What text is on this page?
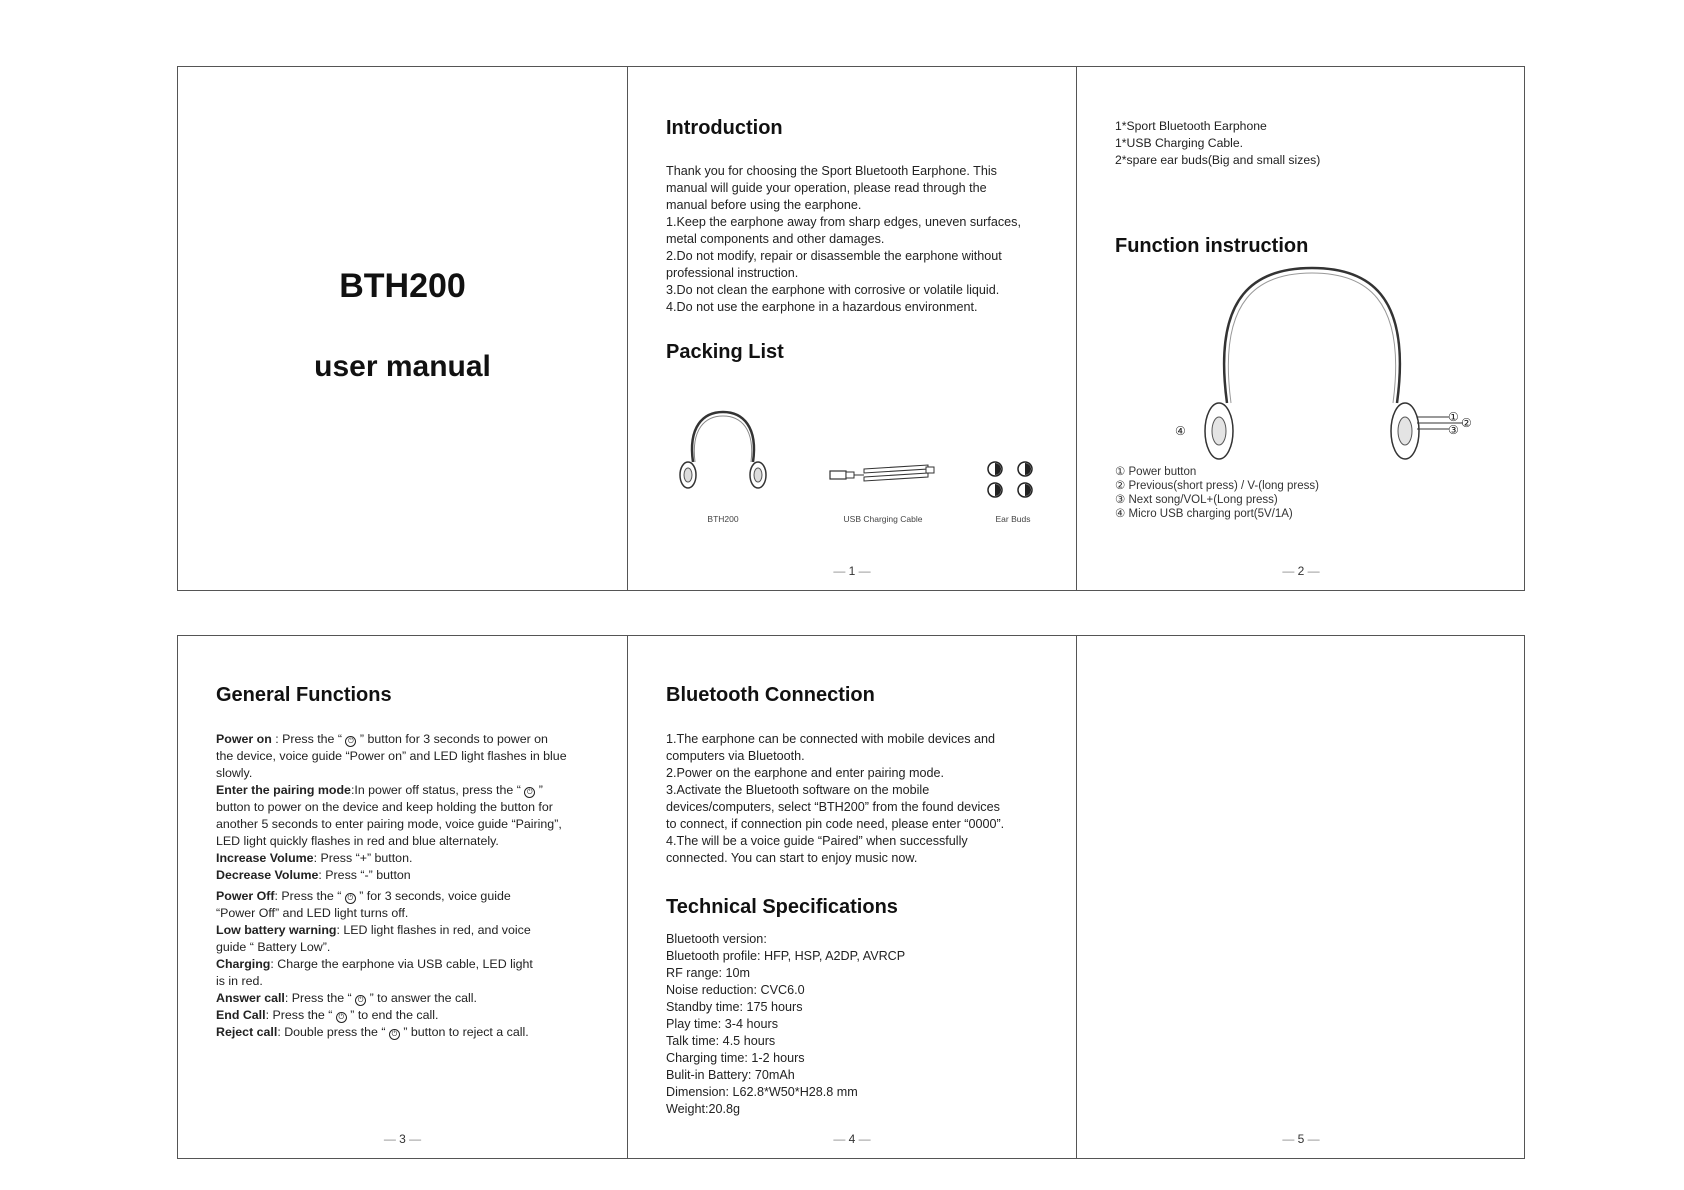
BTH200
user manual
Introduction
Thank you for choosing the Sport Bluetooth Earphone. This
manual will guide your operation, please read through the
manual before using the earphone.
1.Keep the earphone away from sharp edges, uneven surfaces,
metal components and other damages.
2.Do not modify, repair or disassemble the earphone without
professional instruction.
3.Do not clean the earphone with corrosive or volatile liquid.
4.Do not use the earphone in a hazardous environment.
Packing List
BTH200	USB Charging Cable	Ear Buds
— 1 —
1*Sport Bluetooth Earphone
1*USB Charging Cable.
2*spare ear buds(Big and small sizes)
Function instruction
① ②
③
④
① Power button
② Previous(short press) / V-(long press)
③ Next song/VOL+(Long press)
④ Micro USB charging port(5V/1A)
— 2 —
General Functions
Power on : Press the “ ⏻ ” button for 3 seconds to power on
the device, voice guide “Power on” and LED light flashes in blue
slowly.
Enter the pairing mode:In power off status, press the “ ⏻ ”
button to power on the device and keep holding the button for
another 5 seconds to enter pairing mode, voice guide “Pairing”,
LED light quickly flashes in red and blue alternately.
Increase Volume: Press “+” button.
Decrease Volume: Press “-” button
Power Off: Press the “ ⏻ ” for 3 seconds, voice guide
“Power Off” and LED light turns off.
Low battery warning: LED light flashes in red, and voice
guide “ Battery Low”.
Charging: Charge the earphone via USB cable, LED light
is in red.
Answer call: Press the “ ⏻ ” to answer the call.
End Call: Press the “ ⏻ ” to end the call.
Reject call: Double press the “ ⏻ ” button to reject a call.
— 3 —
Bluetooth Connection
1.The earphone can be connected with mobile devices and
computers via Bluetooth.
2.Power on the earphone and enter pairing mode.
3.Activate the Bluetooth software on the mobile
devices/computers, select “BTH200” from the found devices
to connect, if connection pin code need, please enter “0000”.
4.The will be a voice guide “Paired” when successfully
connected. You can start to enjoy music now.
Technical Specifications
Bluetooth version:
Bluetooth profile: HFP, HSP, A2DP, AVRCP
RF range: 10m
Noise reduction: CVC6.0
Standby time: 175 hours
Play time: 3-4 hours
Talk time: 4.5 hours
Charging time: 1-2 hours
Bulit-in Battery: 70mAh
Dimension: L62.8*W50*H28.8 mm
Weight:20.8g
— 4 —
—	5 —
